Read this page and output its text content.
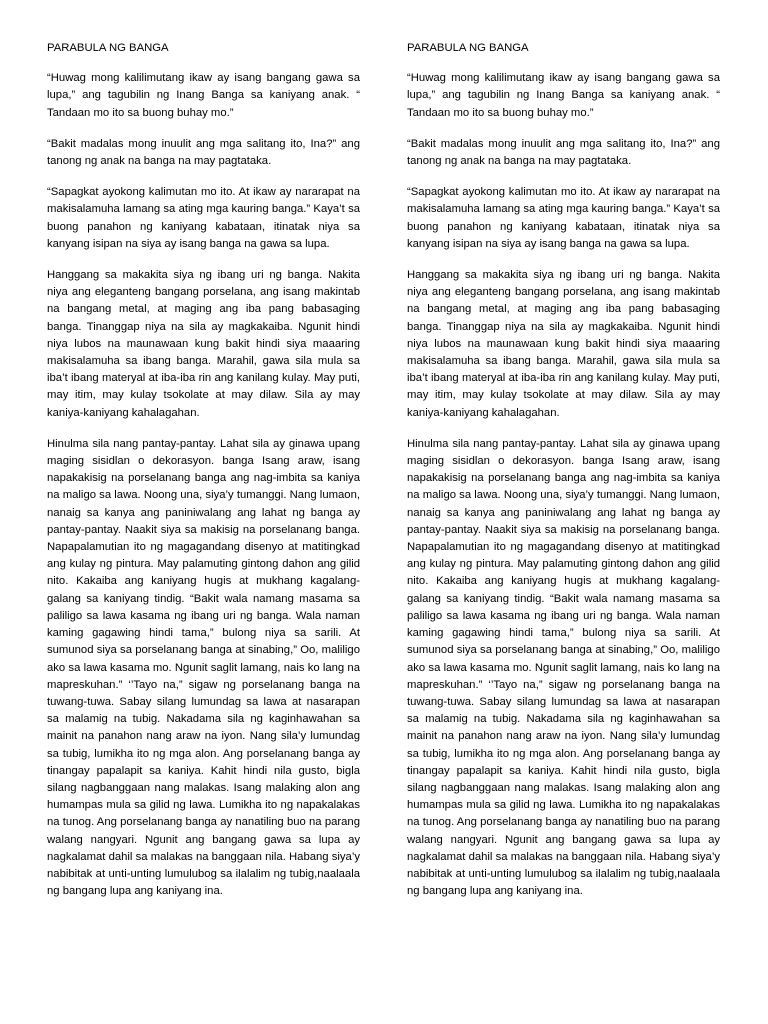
PARABULA NG BANGA

“Huwag mong kalilimutang ikaw ay isang bangang gawa sa lupa,” ang tagubilin ng Inang Banga sa kaniyang anak. “ Tandaan mo ito sa buong buhay mo.”

“Bakit madalas mong inuulit ang mga salitang ito, Ina?” ang tanong ng anak na banga na may pagtataka.

“Sapagkat ayokong kalimutan mo ito. At ikaw ay nararapat na makisalamuha lamang sa ating mga kauring banga.” Kaya’t sa buong panahon ng kaniyang kabataan, itinatak niya sa kanyang isipan na siya ay isang banga na gawa sa lupa.

Hanggang sa makakita siya ng ibang uri ng banga. Nakita niya ang eleganteng bangang porselana, ang isang makintab na bangang metal, at maging ang iba pang babasaging banga. Tinanggap niya na sila ay magkakaiba. Ngunit hindi niya lubos na maunawaan kung bakit hindi siya maaaring makisalamuha sa ibang banga. Marahil, gawa sila mula sa iba’t ibang materyal at iba-iba rin ang kanilang kulay. May puti, may itim, may kulay tsokolate at may dilaw. Sila ay may kaniya-kaniyang kahalagahan.

Hinulma sila nang pantay-pantay. Lahat sila ay ginawa upang maging sisidlan o dekorasyon. banga Isang araw, isang napakakisig na porselanang banga ang nag-imbita sa kaniya na maligo sa lawa. Noong una, siya’y tumanggi. Nang lumaon, nanaig sa kanya ang paniniwalang ang lahat ng banga ay pantay-pantay. Naakit siya sa makisig na porselanang banga. Napapalamutian ito ng magagandang disenyo at matitingkad ang kulay ng pintura. May palamuting gintong dahon ang gilid nito. Kakaiba ang kaniyang hugis at mukhang kagalang-galang sa kaniyang tindig. “Bakit wala namang masama sa paliligo sa lawa kasama ng ibang uri ng banga. Wala naman kaming gagawing hindi tama,” bulong niya sa sarili. At sumunod siya sa porselanang banga at sinabing,” Oo, maliligo ako sa lawa kasama mo. Ngunit saglit lamang, nais ko lang na mapreskuhan.” ‘’Tayo na,” sigaw ng porselanang banga na tuwang-tuwa. Sabay silang lumundag sa lawa at nasarapan sa malamig na tubig. Nakadama sila ng kaginhawahan sa mainit na panahon nang araw na iyon. Nang sila’y lumundag sa tubig, lumikha ito ng mga alon. Ang porselanang banga ay tinangay papalapit sa kaniya. Kahit hindi nila gusto, bigla silang nagbanggaan nang malakas. Isang malaking alon ang humampas mula sa gilid ng lawa. Lumikha ito ng napakalakas na tunog. Ang porselanang banga ay nanatiling buo na parang walang nangyari. Ngunit ang bangang gawa sa lupa ay nagkalamat dahil sa malakas na banggaan nila. Habang siya’y nabibitak at unti-unting lumulubog sa ilalalim ng tubig,naalaala ng bangang lupa ang kaniyang ina.

PARABULA NG BANGA

“Huwag mong kalilimutang ikaw ay isang bangang gawa sa lupa,” ang tagubilin ng Inang Banga sa kaniyang anak. “ Tandaan mo ito sa buong buhay mo.”

“Bakit madalas mong inuulit ang mga salitang ito, Ina?” ang tanong ng anak na banga na may pagtataka.

“Sapagkat ayokong kalimutan mo ito. At ikaw ay nararapat na makisalamuha lamang sa ating mga kauring banga.” Kaya’t sa buong panahon ng kaniyang kabataan, itinatak niya sa kanyang isipan na siya ay isang banga na gawa sa lupa.

Hanggang sa makakita siya ng ibang uri ng banga. Nakita niya ang eleganteng bangang porselana, ang isang makintab na bangang metal, at maging ang iba pang babasaging banga. Tinanggap niya na sila ay magkakaiba. Ngunit hindi niya lubos na maunawaan kung bakit hindi siya maaaring makisalamuha sa ibang banga. Marahil, gawa sila mula sa iba’t ibang materyal at iba-iba rin ang kanilang kulay. May puti, may itim, may kulay tsokolate at may dilaw. Sila ay may kaniya-kaniyang kahalagahan.

Hinulma sila nang pantay-pantay. Lahat sila ay ginawa upang maging sisidlan o dekorasyon. banga Isang araw, isang napakakisig na porselanang banga ang nag-imbita sa kaniya na maligo sa lawa. Noong una, siya’y tumanggi. Nang lumaon, nanaig sa kanya ang paniniwalang ang lahat ng banga ay pantay-pantay. Naakit siya sa makisig na porselanang banga. Napapalamutian ito ng magagandang disenyo at matitingkad ang kulay ng pintura. May palamuting gintong dahon ang gilid nito. Kakaiba ang kaniyang hugis at mukhang kagalang-galang sa kaniyang tindig. “Bakit wala namang masama sa paliligo sa lawa kasama ng ibang uri ng banga. Wala naman kaming gagawing hindi tama,” bulong niya sa sarili. At sumunod siya sa porselanang banga at sinabing,” Oo, maliligo ako sa lawa kasama mo. Ngunit saglit lamang, nais ko lang na mapreskuhan.” ‘’Tayo na,” sigaw ng porselanang banga na tuwang-tuwa. Sabay silang lumundag sa lawa at nasarapan sa malamig na tubig. Nakadama sila ng kaginhawahan sa mainit na panahon nang araw na iyon. Nang sila’y lumundag sa tubig, lumikha ito ng mga alon. Ang porselanang banga ay tinangay papalapit sa kaniya. Kahit hindi nila gusto, bigla silang nagbanggaan nang malakas. Isang malaking alon ang humampas mula sa gilid ng lawa. Lumikha ito ng napakalakas na tunog. Ang porselanang banga ay nanatiling buo na parang walang nangyari. Ngunit ang bangang gawa sa lupa ay nagkalamat dahil sa malakas na banggaan nila. Habang siya’y nabibitak at unti-unting lumulubog sa ilalalim ng tubig,naalaala ng bangang lupa ang kaniyang ina.
